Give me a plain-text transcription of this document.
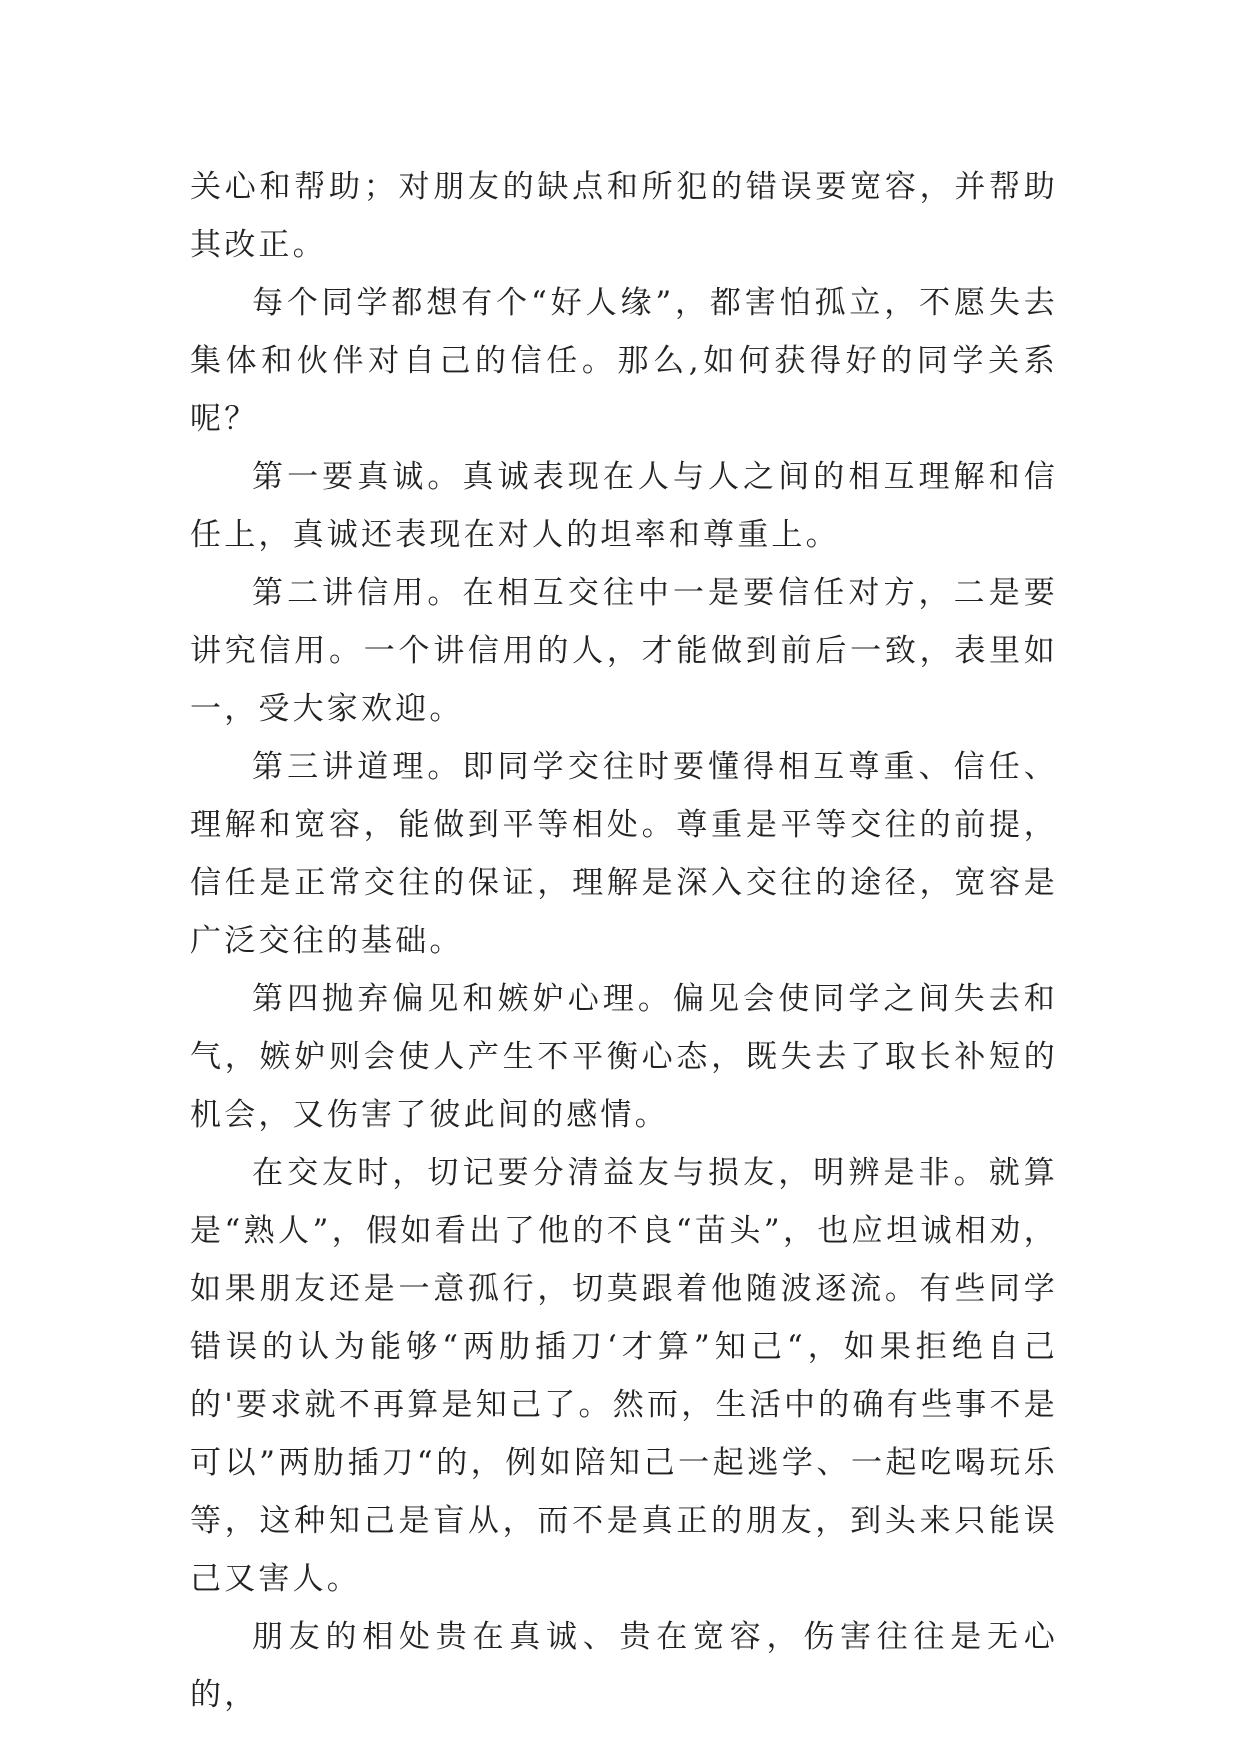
关心和帮助；对朋友的缺点和所犯的错误要宽容，并帮助其改正。

每个同学都想有个“好人缘”，都害怕孤立，不愿失去集体和伙伴对自己的信任。那么,如何获得好的同学关系呢？

第一要真诚。真诚表现在人与人之间的相互理解和信任上，真诚还表现在对人的坦率和尊重上。

第二讲信用。在相互交往中一是要信任对方，二是要讲究信用。一个讲信用的人，才能做到前后一致，表里如一，受大家欢迎。

第三讲道理。即同学交往时要懂得相互尊重、信任、理解和宽容，能做到平等相处。尊重是平等交往的前提，信任是正常交往的保证，理解是深入交往的途径，宽容是广泛交往的基础。

第四抛弃偏见和嫉妒心理。偏见会使同学之间失去和气，嫉妒则会使人产生不平衡心态，既失去了取长补短的机会，又伤害了彼此间的感情。

在交友时，切记要分清益友与损友，明辨是非。就算是“熟人”，假如看出了他的不良“苗头”，也应坦诚相劝，如果朋友还是一意孤行，切莫跟着他随波逐流。有些同学错误的认为能够“两肋插刀‘才算”知己“，如果拒绝自己的'要求就不再算是知己了。然而，生活中的确有些事不是可以”两肋插刀“的，例如陪知己一起逃学、一起吃喝玩乐等，这种知己是盲从，而不是真正的朋友，到头来只能误己又害人。

朋友的相处贵在真诚、贵在宽容，伤害往往是无心的，
